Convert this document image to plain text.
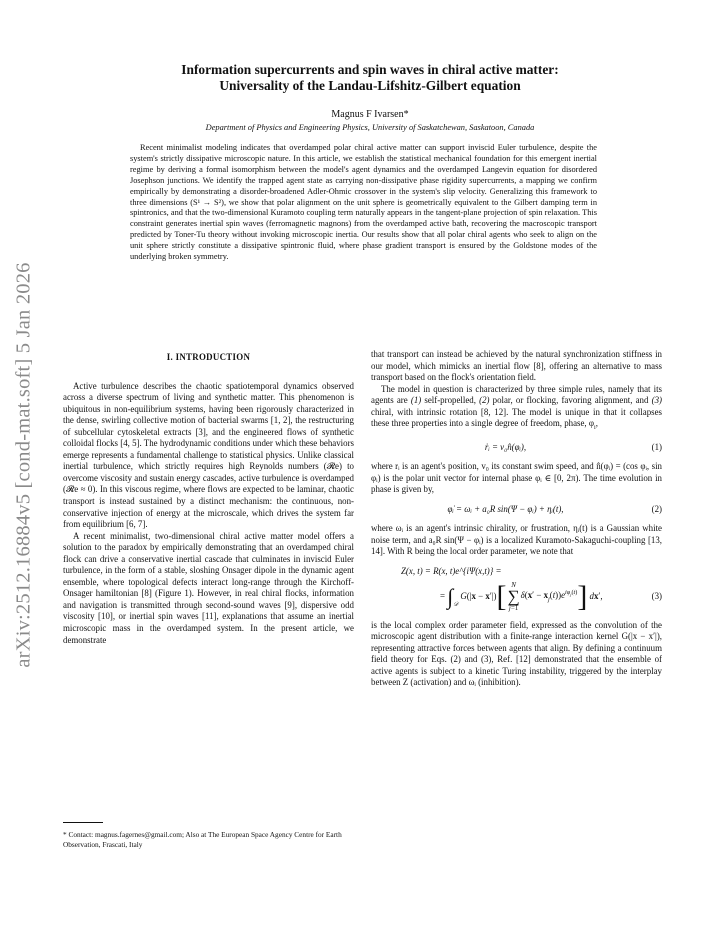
arXiv:2512.16884v5 [cond-mat.soft] 5 Jan 2026
Information supercurrents and spin waves in chiral active matter:
Universality of the Landau-Lifshitz-Gilbert equation
Magnus F Ivarsen*
Department of Physics and Engineering Physics, University of Saskatchewan, Saskatoon, Canada

Recent minimalist modeling indicates that overdamped polar chiral active matter can support inviscid Euler turbulence, despite the system's strictly dissipative microscopic nature. In this article, we establish the statistical mechanical foundation for this emergent inertial regime by deriving a formal isomorphism between the model's agent dynamics and the overdamped Langevin equation for disordered Josephson junctions. We identify the trapped agent state as carrying non-dissipative phase rigidity supercurrents, a mapping we confirm empirically by demonstrating a disorder-broadened Adler-Ohmic crossover in the system's slip velocity. Generalizing this framework to three dimensions (S¹ → S²), we show that polar alignment on the unit sphere is geometrically equivalent to the Gilbert damping term in spintronics, and that the two-dimensional Kuramoto coupling term naturally appears in the tangent-plane projection of spin relaxation. This constraint generates inertial spin waves (ferromagnetic magnons) from the overdamped active bath, recovering the macroscopic transport predicted by Toner-Tu theory without invoking microscopic inertia. Our results show that all polar chiral agents who seek to align on the unit sphere strictly constitute a dissipative spintronic fluid, where phase gradient transport is ensured by the Goldstone modes of the underlying broken symmetry.

I. INTRODUCTION

Active turbulence describes the chaotic spatiotemporal dynamics observed across a diverse spectrum of living and synthetic matter. This phenomenon is ubiquitous in non-equilibrium systems, having been rigorously characterized in the dense, swirling collective motion of bacterial swarms [1, 2], the restructuring of subcellular cytoskeletal extracts [3], and the engineered flows of synthetic colloidal flocks [4, 5]. The hydrodynamic conditions under which these behaviors emerge represents a fundamental challenge to statistical physics. Unlike classical inertial turbulence, which strictly requires high Reynolds numbers (𝓡e) to overcome viscosity and sustain energy cascades, active turbulence is overdamped (𝓡e ≈ 0). In this viscous regime, where flows are expected to be laminar, chaotic transport is instead sustained by a distinct mechanism: the continuous, non-conservative injection of energy at the microscale, which drives the system far from equilibrium [6, 7].

A recent minimalist, two-dimensional chiral active matter model offers a solution to the paradox by empirically demonstrating that an overdamped chiral flock can drive a conservative inertial cascade that culminates in inviscid Euler turbulence, in the form of a stable, sloshing Onsager dipole in the dynamic agent ensemble, where topological defects interact long-range through the Kirchoff-Onsager hamiltonian [8] (Figure 1). However, in real chiral flocks, information and navigation is transmitted through second-sound waves [9], dispersive odd viscosity [10], or inertial spin waves [11], explanations that assume an inertial microscopic mass in the overdamped system. In the present article, we demonstrate

* Contact: magnus.fagernes@gmail.com; Also at The European Space Agency Centre for Earth Observation, Frascati, Italy

that transport can instead be achieved by the natural synchronization stiffness in our model, which mimicks an inertial flow [8], offering an alternative to mass transport based on the flock's orientation field.

The model in question is characterized by three simple rules, namely that its agents are (1) self-propelled, (2) polar, or flocking, favoring alignment, and (3) chiral, with intrinsic rotation [8, 12]. The model is unique in that it collapses these three properties into a single degree of freedom, phase, $\varphi_i$,

ṙᵢ = v₀n̂(φᵢ),	(1)

where rᵢ is an agent's position, v₀ its constant swim speed, and n̂(φᵢ) = (cos φᵢ, sin φᵢ) is the polar unit vector for internal phase φᵢ ∈ [0, 2π). The time evolution in phase is given by,

φ̇ᵢ = ωᵢ + a₀R sin(Ψ − φᵢ) + ηᵢ(t),	(2)

where ωᵢ is an agent's intrinsic chirality, or frustration, ηᵢ(t) is a Gaussian white noise term, and a₀R sin(Ψ − φᵢ) is a localized Kuramoto-Sakaguchi-coupling [13, 14]. With R being the local order parameter, we note that

Z(x, t) = R(x, t)e^{iΨ(x,t)} =
= ∫ 𝒟
G(|x − x′|) [ N
∑
j=1
$\delta(x' - x_j(t))e^{i\varphi_j(t)}$ ] dx′,	(3)

is the local complex order parameter field, expressed as the convolution of the microscopic agent distribution with a finite-range interaction kernel G(|x − x′|), representing attractive forces between agents that align. By defining a continuum field theory for Eqs. (2) and (3), Ref. [12] demonstrated that the ensemble of active agents is subject to a kinetic Turing instability, triggered by the interplay between Z (activation) and ωᵢ (inhibition).
